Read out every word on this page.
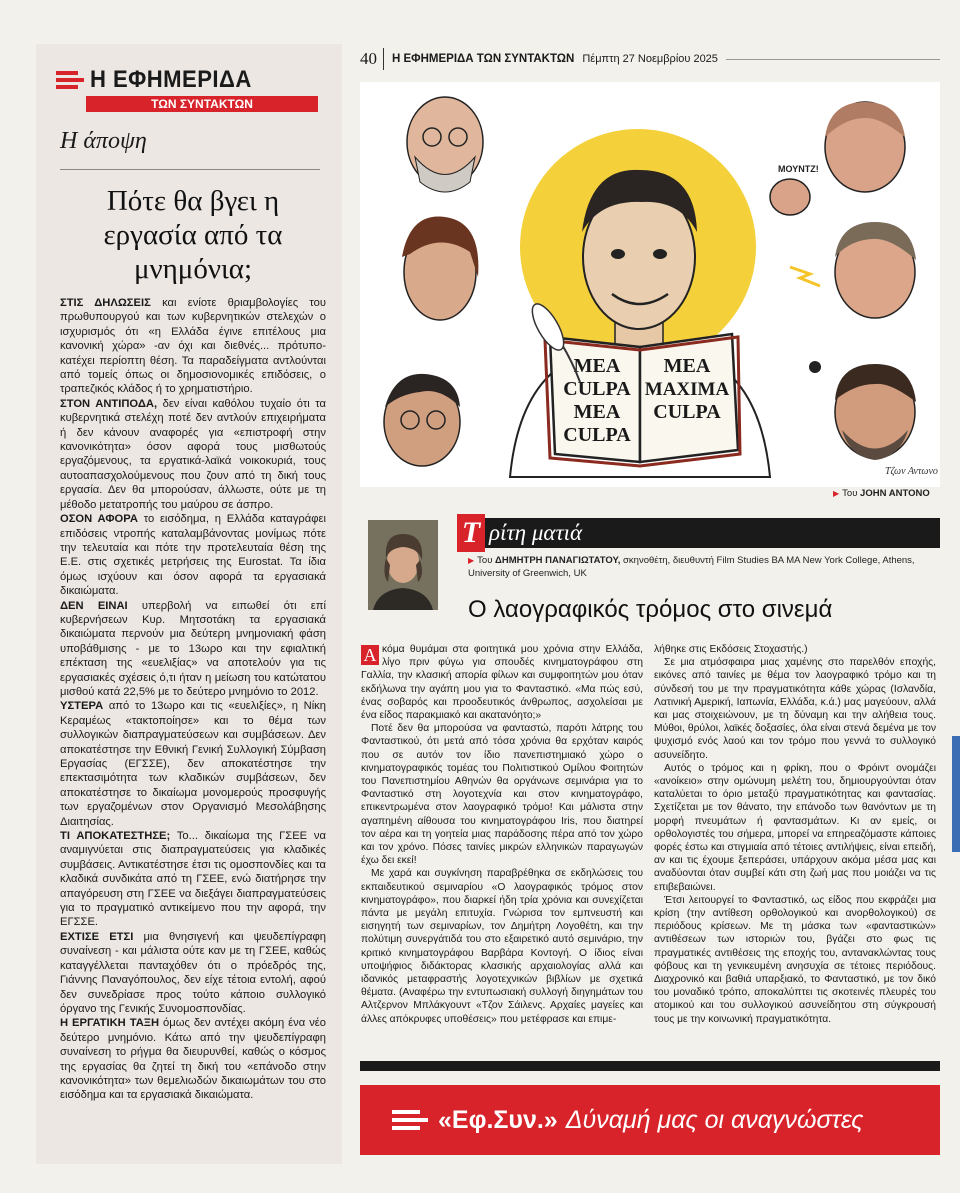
Η ΕΦΗΜΕΡΙΔΑ
ΤΩΝ ΣΥΝΤΑΚΤΩΝ
Η άποψη
Πότε θα βγει η εργασία από τα μνημόνια;

ΣΤΙΣ ΔΗΛΩΣΕΙΣ και ενίοτε θριαμβολογίες του πρωθυπουργού και των κυβερνητικών στελεχών ο ισχυρισμός ότι «η Ελλάδα έγινε επιτέλους μια κανονική χώρα» -αν όχι και διεθνές... πρότυπο- κατέχει περίοπτη θέση. Τα παραδείγματα αντλούνται από τομείς όπως οι δημοσιονομικές επιδόσεις, ο τραπεζικός κλάδος ή το χρηματιστήριο.

ΣΤΟΝ ΑΝΤΙΠΟΔΑ, δεν είναι καθόλου τυχαίο ότι τα κυβερνητικά στελέχη ποτέ δεν αντλούν επιχειρήματα ή δεν κάνουν αναφορές για «επιστροφή στην κανονικότητα» όσον αφορά τους μισθωτούς εργαζόμενους, τα εργατικά-λαϊκά νοικοκυριά, τους αυτοαπασχολούμενους που ζουν από τη δική τους εργασία. Δεν θα μπορούσαν, άλλωστε, ούτε με τη μέθοδο μετατροπής του μαύρου σε άσπρο.

ΟΣΟΝ ΑΦΟΡΑ το εισόδημα, η Ελλάδα καταγράφει επιδόσεις ντροπής καταλαμβάνοντας μονίμως πότε την τελευταία και πότε την προτελευταία θέση της Ε.Ε. στις σχετικές μετρήσεις της Eurostat. Τα ίδια όμως ισχύουν και όσον αφορά τα εργασιακά δικαιώματα.

ΔΕΝ ΕΙΝΑΙ υπερβολή να ειπωθεί ότι επί κυβερνήσεων Κυρ. Μητσοτάκη τα εργασιακά δικαιώματα περνούν μια δεύτερη μνημονιακή φάση υποβάθμισης - με το 13ωρο και την εφιαλτική επέκταση της «ευελιξίας» να αποτελούν για τις εργασιακές σχέσεις ό,τι ήταν η μείωση του κατώτατου μισθού κατά 22,5% με το δεύτερο μνημόνιο το 2012.

ΥΣΤΕΡΑ από το 13ωρο και τις «ευελιξίες», η Νίκη Κεραμέως «τακτοποίησε» και το θέμα των συλλογικών διαπραγματεύσεων και συμβάσεων. Δεν αποκατέστησε την Εθνική Γενική Συλλογική Σύμβαση Εργασίας (ΕΓΣΣΕ), δεν αποκατέστησε την επεκτασιμότητα των κλαδικών συμβάσεων, δεν αποκατέστησε το δικαίωμα μονομερούς προσφυγής των εργαζομένων στον Οργανισμό Μεσολάβησης Διαιτησίας.

ΤΙ ΑΠΟΚΑΤΕΣΤΗΣΕ; Το... δικαίωμα της ΓΣΕΕ να αναμιγνύεται στις διαπραγματεύσεις για κλαδικές συμβάσεις. Αντικατέστησε έτσι τις ομοσπονδίες και τα κλαδικά συνδικάτα από τη ΓΣΕΕ, ενώ διατήρησε την απαγόρευση στη ΓΣΕΕ να διεξάγει διαπραγματεύσεις για το πραγματικό αντικείμενο που την αφορά, την ΕΓΣΣΕ.

ΕΧΤΙΣΕ ΕΤΣΙ μια θνησιγενή και ψευδεπίγραφη συναίνεση - και μάλιστα ούτε καν με τη ΓΣΕΕ, καθώς καταγγέλλεται πανταχόθεν ότι ο πρόεδρός της, Γιάννης Παναγόπουλος, δεν είχε τέτοια εντολή, αφού δεν συνεδρίασε προς τούτο κάποιο συλλογικό όργανο της Γενικής Συνομοσπονδίας.

Η ΕΡΓΑΤΙΚΗ ΤΑΞΗ όμως δεν αντέχει ακόμη ένα νέο δεύτερο μνημόνιο. Κάτω από την ψευδεπίγραφη συναίνεση το ρήγμα θα διευρυνθεί, καθώς ο κόσμος της εργασίας θα ζητεί τη δική του «επάνοδο στην κανονικότητα» των θεμελιωδών δικαιωμάτων του στο εισόδημα και τα εργασιακά δικαιώματα.

40	Η ΕΦΗΜΕΡΙΔΑ ΤΩΝ ΣΥΝΤΑΚΤΩΝ Πέμπτη 27 Νοεμβρίου 2025
MEA
CULPA
MEA
CULPA
MEA
MAXIMA
CULPA
ΜΟΥΝΤΖ!
Τζων Αντωνο
▶ Του JOHN ANTONO
Τ ρίτη ματιά
▶ Του ΔΗΜΗΤΡΗ ΠΑΝΑΓΙΩΤΑΤΟΥ, σκηνοθέτη, διευθυντή Film Studies BA MA New York College, Athens, University of Greenwich, UK
Ο λαογραφικός τρόμος στο σινεμά

Α κόμα θυμάμαι στα φοιτητικά μου χρόνια στην Ελλάδα, λίγο πριν φύγω για σπουδές κινηματογράφου στη Γαλλία, την κλασική απορία φίλων και συμφοιτητών μου όταν εκδήλωνα την αγάπη μου για το Φανταστικό. «Μα πώς εσύ, ένας σοβαρός και προοδευτικός άνθρωπος, ασχολείσαι με ένα είδος παρακμιακό και ακατανόητο;»

Ποτέ δεν θα μπορούσα να φανταστώ, παρότι λάτρης του Φανταστικού, ότι μετά από τόσα χρόνια θα ερχόταν καιρός που σε αυτόν τον ίδιο πανεπιστημιακό χώρο ο κινηματογραφικός τομέας του Πολιτιστικού Ομίλου Φοιτητών του Πανεπιστημίου Αθηνών θα οργάνωνε σεμινάρια για το Φανταστικό στη λογοτεχνία και στον κινηματογράφο, επικεντρωμένα στον λαογραφικό τρόμο! Και μάλιστα στην αγαπημένη αίθουσα του κινηματογράφου Iris, που διατηρεί τον αέρα και τη γοητεία μιας παράδοσης πέρα από τον χώρο και τον χρόνο. Πόσες ταινίες μικρών ελληνικών παραγωγών έχω δει εκεί!

Με χαρά και συγκίνηση παραβρέθηκα σε εκδηλώσεις του εκπαιδευτικού σεμιναρίου «Ο λαογραφικός τρόμος στον κινηματογράφο», που διαρκεί ήδη τρία χρόνια και συνεχίζεται πάντα με μεγάλη επιτυχία. Γνώρισα τον εμπνευστή και εισηγητή των σεμιναρίων, τον Δημήτρη Λογοθέτη, και την πολύτιμη συνεργάτιδά του στο εξαιρετικό αυτό σεμινάριο, την κριτικό κινηματογράφου Βαρβάρα Κοντογή. Ο ίδιος είναι υποψήφιος διδάκτορας κλασικής αρχαιολογίας αλλά και ιδανικός μεταφραστής λογοτεχνικών βιβλίων με σχετικά θέματα. (Αναφέρω την εντυπωσιακή συλλογή διηγημάτων του Αλτζερνον Μπλάκγουντ «Τζον Σάιλενς. Αρχαίες μαγείες και άλλες απόκρυφες υποθέσεις» που μετέφρασε και επιμε-

λήθηκε στις Εκδόσεις Στοχαστής.)

Σε μια ατμόσφαιρα μιας χαμένης στο παρελθόν εποχής, εικόνες από ταινίες με θέμα τον λαογραφικό τρόμο και τη σύνδεσή του με την πραγματικότητα κάθε χώρας (Ισλανδία, Λατινική Αμερική, Ιαπωνία, Ελλάδα, κ.ά.) μας μαγεύουν, αλλά και μας στοιχειώνουν, με τη δύναμη και την αλήθεια τους. Μύθοι, θρύλοι, λαϊκές δοξασίες, όλα είναι στενά δεμένα με τον ψυχισμό ενός λαού και τον τρόμο που γεννά το συλλογικό ασυνείδητο.

Αυτός ο τρόμος και η φρίκη, που ο Φρόιντ ονομάζει «ανοίκειο» στην ομώνυμη μελέτη του, δημιουργούνται όταν καταλύεται το όριο μεταξύ πραγματικότητας και φαντασίας. Σχετίζεται με τον θάνατο, την επάνοδο των θανόντων με τη μορφή πνευμάτων ή φαντασμάτων. Κι αν εμείς, οι ορθολογιστές του σήμερα, μπορεί να επηρεαζόμαστε κάποιες φορές έστω και στιγμιαία από τέτοιες αντιλήψεις, είναι επειδή, αν και τις έχουμε ξεπεράσει, υπάρχουν ακόμα μέσα μας και αναδύονται όταν συμβεί κάτι στη ζωή μας που μοιάζει να τις επιβεβαιώνει.

Έτσι λειτουργεί το Φανταστικό, ως είδος που εκφράζει μια κρίση (την αντίθεση ορθολογικού και ανορθολογικού) σε περιόδους κρίσεων. Με τη μάσκα των «φανταστικών» αντιθέσεων των ιστοριών του, βγάζει στο φως τις πραγματικές αντιθέσεις της εποχής του, αντανακλώντας τους φόβους και τη γενικευμένη ανησυχία σε τέτοιες περιόδους. Διαχρονικό και βαθιά υπαρξιακό, το Φανταστικό, με τον δικό του μοναδικό τρόπο, αποκαλύπτει τις σκοτεινές πλευρές του ατομικού και του συλλογικού ασυνείδητου στη σύγκρουσή τους με την κοινωνική πραγματικότητα.

«Εφ.Συν.» Δύναμή μας οι αναγνώστες
